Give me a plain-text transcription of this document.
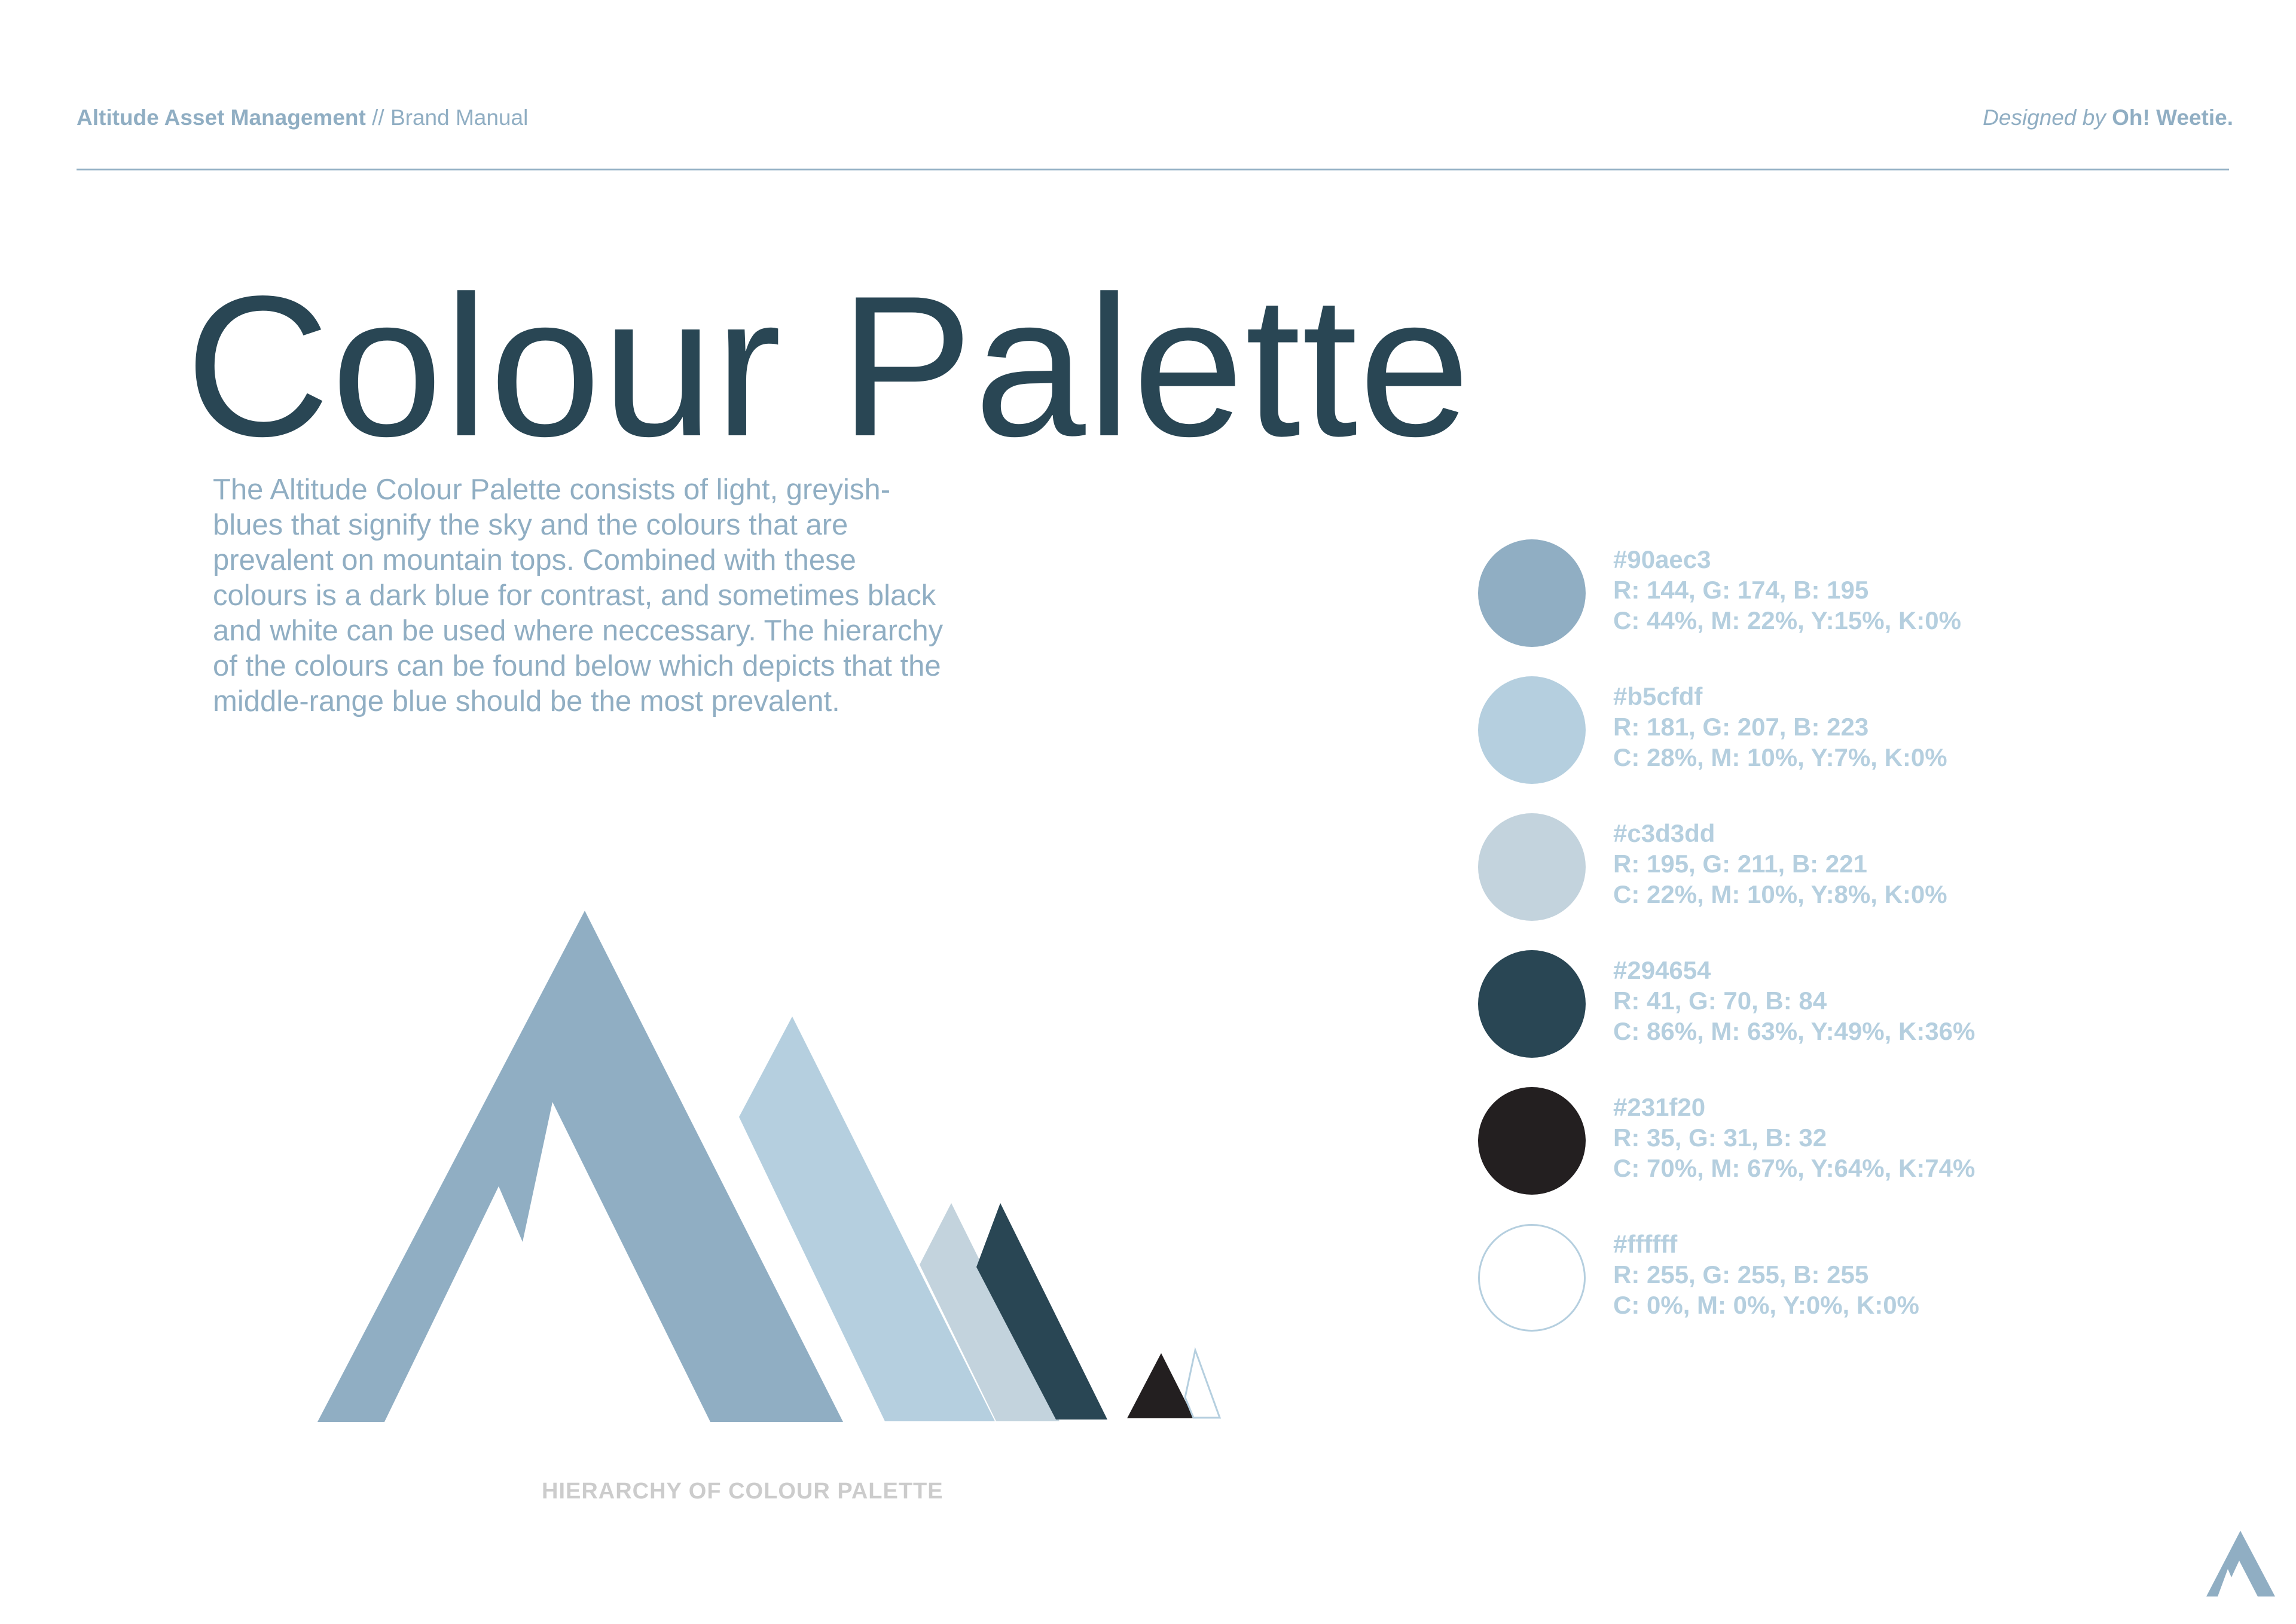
Altitude Asset Management // Brand Manual	Designed by Oh! Weetie.
Colour Palette

The Altitude Colour Palette consists of light, greyish-blues that signify the sky and the colours that are prevalent on mountain tops. Combined with these colours is a dark blue for contrast, and sometimes black and white can be used where neccessary. The hierarchy of the colours can be found below which depicts that the middle-range blue should be the most prevalent.

HIERARCHY OF COLOUR PALETTE
#90aec3
R: 144, G: 174, B: 195
C: 44%, M: 22%, Y:15%, K:0%
#b5cfdf
R: 181, G: 207, B: 223
C: 28%, M: 10%, Y:7%, K:0%
#c3d3dd
R: 195, G: 211, B: 221
C: 22%, M: 10%, Y:8%, K:0%
#294654
R: 41, G: 70, B: 84
C: 86%, M: 63%, Y:49%, K:36%
#231f20
R: 35, G: 31, B: 32
C: 70%, M: 67%, Y:64%, K:74%
#ffffff
R: 255, G: 255, B: 255
C: 0%, M: 0%, Y:0%, K:0%
